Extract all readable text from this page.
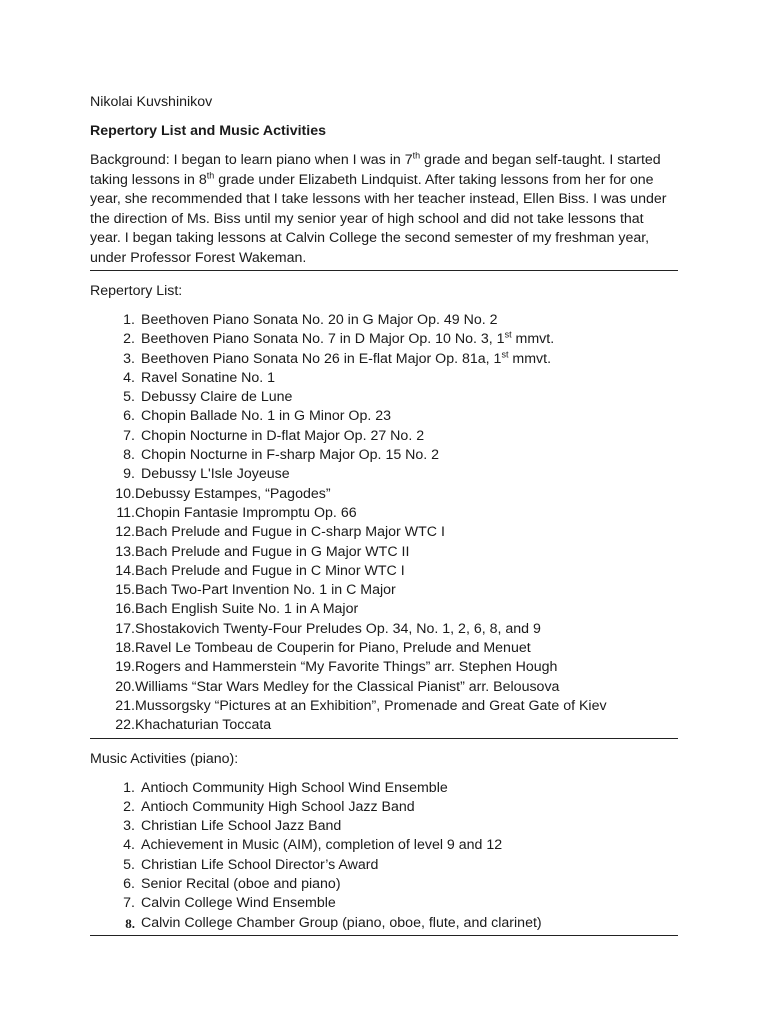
Nikolai Kuvshinikov

Repertory List and Music Activities

Background: I began to learn piano when I was in 7th grade and began self-taught. I started taking lessons in 8th grade under Elizabeth Lindquist. After taking lessons from her for one year, she recommended that I take lessons with her teacher instead, Ellen Biss. I was under the direction of Ms. Biss until my senior year of high school and did not take lessons that year. I began taking lessons at Calvin College the second semester of my freshman year, under Professor Forest Wakeman.

Repertory List:

1. Beethoven Piano Sonata No. 20 in G Major Op. 49 No. 2
2. Beethoven Piano Sonata No. 7 in D Major Op. 10 No. 3, 1st mmvt.
3. Beethoven Piano Sonata No 26 in E-flat Major Op. 81a, 1st mmvt.
4. Ravel Sonatine No. 1
5. Debussy Claire de Lune
6. Chopin Ballade No. 1 in G Minor Op. 23
7. Chopin Nocturne in D-flat Major Op. 27 No. 2
8. Chopin Nocturne in F-sharp Major Op. 15 No. 2
9. Debussy L'Isle Joyeuse
10. Debussy Estampes, “Pagodes”
11. Chopin Fantasie Impromptu Op. 66
12. Bach Prelude and Fugue in C-sharp Major WTC I
13. Bach Prelude and Fugue in G Major WTC II
14. Bach Prelude and Fugue in C Minor WTC I
15. Bach Two-Part Invention No. 1 in C Major
16. Bach English Suite No. 1 in A Major
17. Shostakovich Twenty-Four Preludes Op. 34, No. 1, 2, 6, 8, and 9
18. Ravel Le Tombeau de Couperin for Piano, Prelude and Menuet
19. Rogers and Hammerstein “My Favorite Things” arr. Stephen Hough
20. Williams “Star Wars Medley for the Classical Pianist” arr. Belousova
21. Mussorgsky “Pictures at an Exhibition”, Promenade and Great Gate of Kiev
22. Khachaturian Toccata

Music Activities (piano):

1. Antioch Community High School Wind Ensemble
2. Antioch Community High School Jazz Band
3. Christian Life School Jazz Band
4. Achievement in Music (AIM), completion of level 9 and 12
5. Christian Life School Director’s Award
6. Senior Recital (oboe and piano)
7. Calvin College Wind Ensemble
8. Calvin College Chamber Group (piano, oboe, flute, and clarinet)
